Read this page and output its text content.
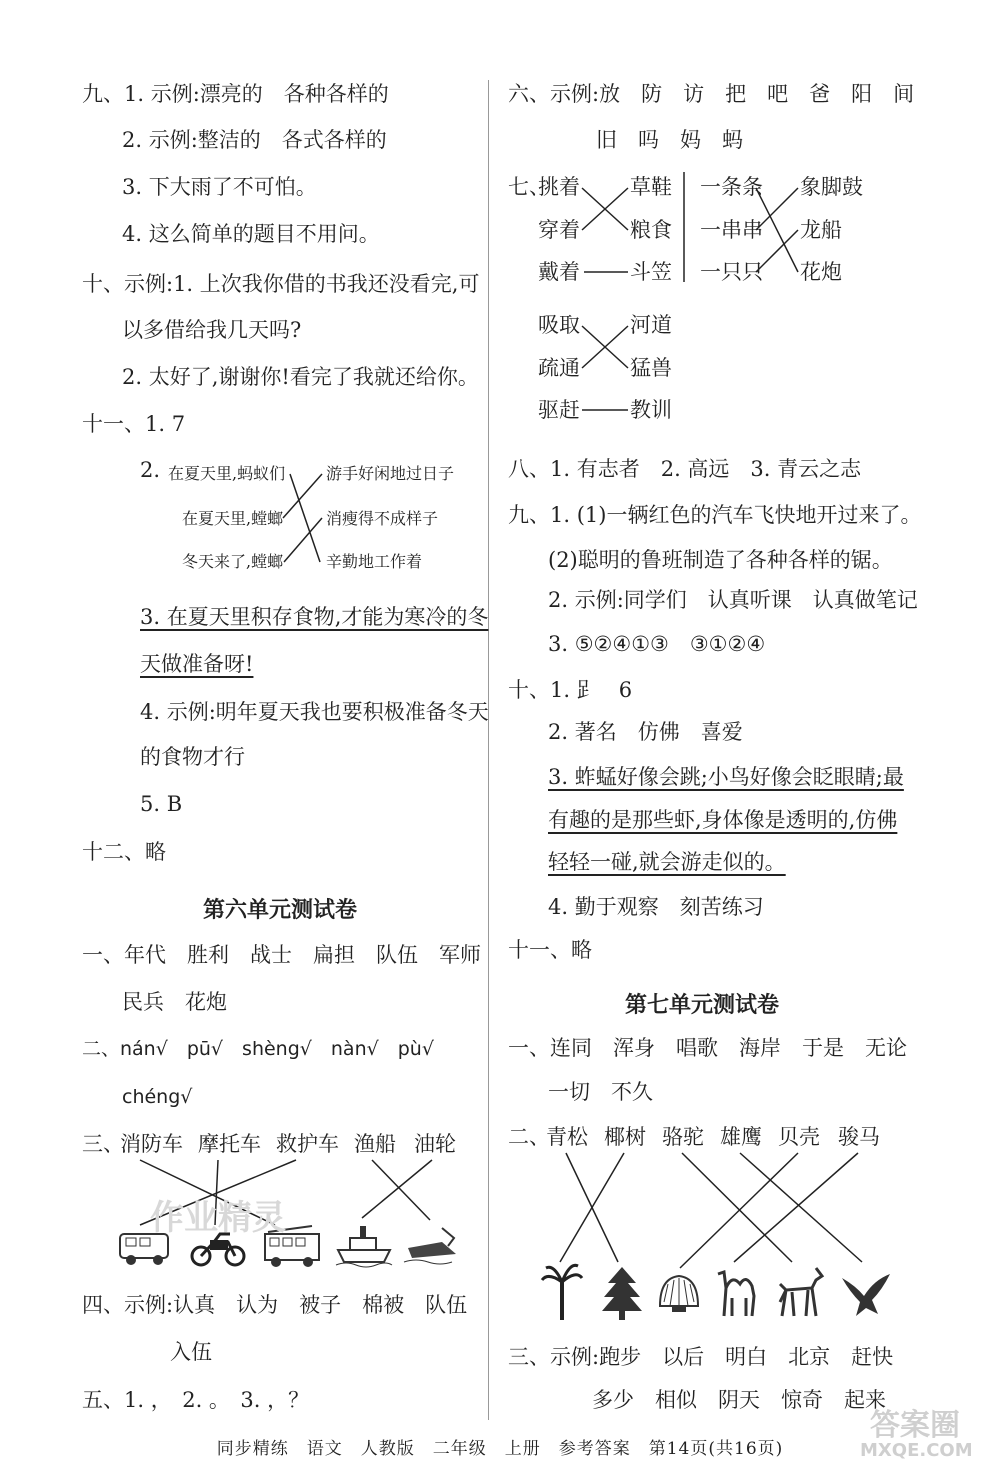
九、1. 示例:漂亮的　各种各样的
2. 示例:整洁的　各式各样的
3. 下大雨了不可怕。
4. 这么简单的题目不用问。
十、示例:1. 上次我你借的书我还没看完,可
以多借给我几天吗?
2. 太好了,谢谢你!看完了我就还给你。
十一、1. 7
2. 在夏天里,蚂蚁们
在夏天里,螳螂
冬天来了,螳螂
游手好闲地过日子
消瘦得不成样子
辛勤地工作着
3. 在夏天里积存食物,才能为寒冷的冬
天做准备呀!
4. 示例:明年夏天我也要积极准备冬天
的食物才行
5. B
十二、略
第六单元测试卷
一、年代　胜利　战士　扁担　队伍　军师
民兵　花炮
二、nán√　pū√　shèng√　nàn√　pù√
chéng√
三、
消防车 摩托车 救护车 渔船 油轮
四、示例:认真　认为　被子　棉被　队伍
入伍
五、1. ，　2. 。　3. ，？
六、示例:放　防　访　把　吧　爸　阳　间
旧　吗　妈　蚂
七、
挑着
穿着
戴着
草鞋
粮食
斗笠
一条条
一串串
一只只
象脚鼓
龙船
花炮
吸取
疏通
驱赶
河道
猛兽
教训
八、1. 有志者　2. 高远　3. 青云之志
九、1. (1)一辆红色的汽车飞快地开过来了。
(2)聪明的鲁班制造了各种各样的锯。
2. 示例:同学们　认真听课　认真做笔记
3. ⑤②④①③　③①②④
十、1. 𧾷　6
2. 著名　仿佛　喜爱
3. 蚱蜢好像会跳;小鸟好像会眨眼睛;最
有趣的是那些虾,身体像是透明的,仿佛
轻轻一碰,就会游走似的。
4. 勤于观察　刻苦练习
十一、略
第七单元测试卷
一、连同　浑身　唱歌　海岸　于是　无论
一切　不久
二、
青松 椰树 骆驼 雄鹰 贝壳 骏马
三、示例:跑步　以后　明白　北京　赶快
多少　相似　阴天　惊奇　起来
作业精灵
答案圈
MXQE.COM
同步精练　语文　人教版　二年级　上册　参考答案　第14页(共16页)
